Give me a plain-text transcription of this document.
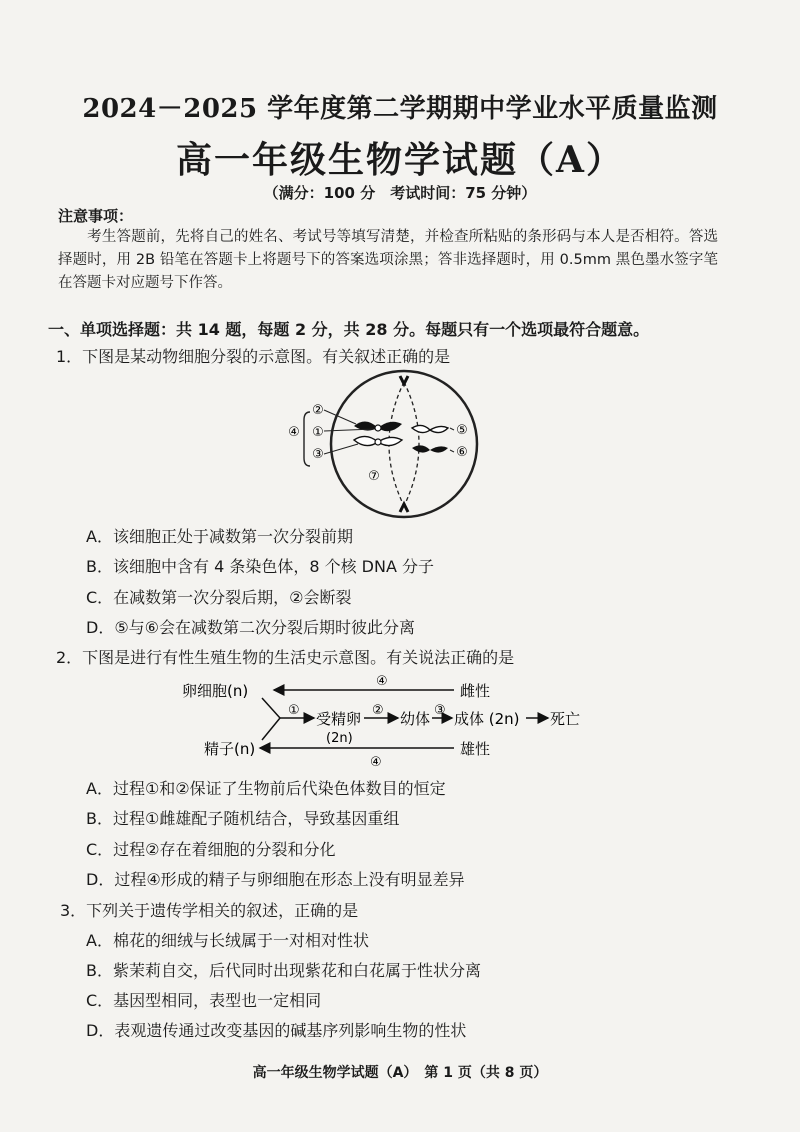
2024－2025 学年度第二学期期中学业水平质量监测
高一年级生物学试题（A）
（满分：100 分　考试时间：75 分钟）
注意事项：
  考生答题前，先将自己的姓名、考试号等填写清楚，并检查所粘贴的条形码与本人是否相符。答选择题时，用 2B 铅笔在答题卡上将题号下的答案选项涂黑；答非选择题时，用 0.5mm 黑色墨水签字笔在答题卡对应题号下作答。
一、单项选择题：共 14 题，每题 2 分，共 28 分。每题只有一个选项最符合题意。
1．下图是某动物细胞分裂的示意图。有关叙述正确的是
②
①
③
④	⑤
⑥
⑦
A．该细胞正处于减数第一次分裂前期
B．该细胞中含有 4 条染色体，8 个核 DNA 分子
C．在减数第一次分裂后期，②会断裂
D．⑤与⑥会在减数第二次分裂后期时彼此分离
2．下图是进行有性生殖生物的生活史示意图。有关说法正确的是
卵细胞(n)
精子(n)
④
雌性
④
雄性
① 受精卵
(2n)
② 幼体 ③ 成体 (2n) 死亡
A．过程①和②保证了生物前后代染色体数目的恒定
B．过程①雌雄配子随机结合，导致基因重组
C．过程②存在着细胞的分裂和分化
D．过程④形成的精子与卵细胞在形态上没有明显差异
3．下列关于遗传学相关的叙述，正确的是
A．棉花的细绒与长绒属于一对相对性状
B．紫茉莉自交，后代同时出现紫花和白花属于性状分离
C．基因型相同，表型也一定相同
D．表观遗传通过改变基因的碱基序列影响生物的性状
高一年级生物学试题（A）　第 1 页（共 8 页）
